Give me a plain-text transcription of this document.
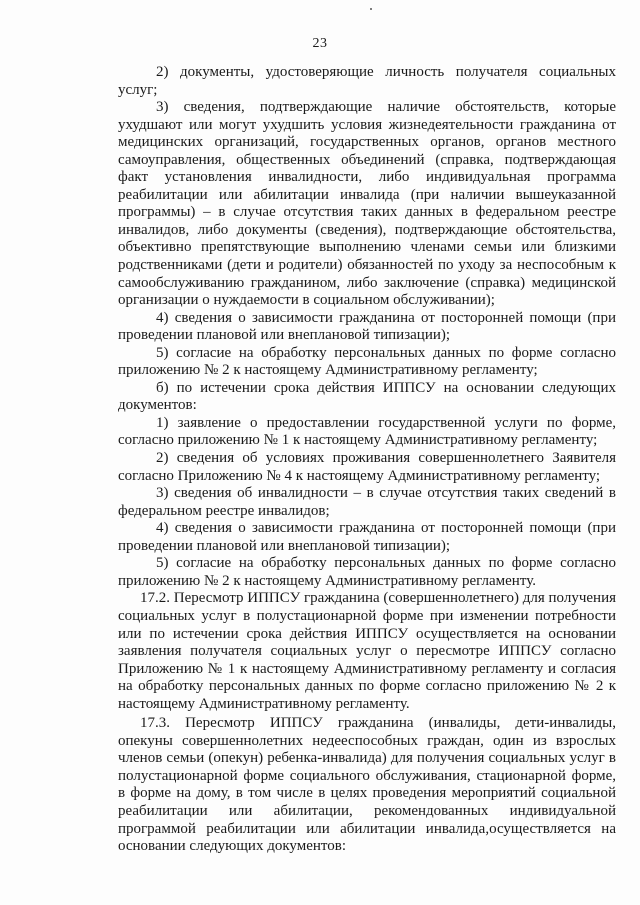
23

2) документы, удостоверяющие личность получателя социальных услуг;

3) сведения, подтверждающие наличие обстоятельств, которые ухудшают или могут ухудшить условия жизнедеятельности гражданина от медицинских организаций, государственных органов, органов местного самоуправления, общественных объединений (справка, подтверждающая факт установления инвалидности, либо индивидуальная программа реабилитации или абилитации инвалида (при наличии вышеуказанной программы) – в случае отсутствия таких данных в федеральном реестре инвалидов, либо документы (сведения), подтверждающие обстоятельства, объективно препятствующие выполнению членами семьи или близкими родственниками (дети и родители) обязанностей по уходу за неспособным к самообслуживанию гражданином, либо заключение (справка) медицинской организации о нуждаемости в социальном обслуживании);

4) сведения о зависимости гражданина от посторонней помощи (при проведении плановой или внеплановой типизации);

5) согласие на обработку персональных данных по форме согласно приложению № 2 к настоящему Административному регламенту;

б) по истечении срока действия ИППСУ на основании следующих документов:

1) заявление о предоставлении государственной услуги по форме, согласно приложению № 1 к настоящему Административному регламенту;

2) сведения об условиях проживания совершеннолетнего Заявителя согласно Приложению № 4 к настоящему Административному регламенту;

3) сведения об инвалидности – в случае отсутствия таких сведений в федеральном реестре инвалидов;

4) сведения о зависимости гражданина от посторонней помощи (при проведении плановой или внеплановой типизации);

5) согласие на обработку персональных данных по форме согласно приложению № 2 к настоящему Административному регламенту.

17.2. Пересмотр ИППСУ гражданина (совершеннолетнего) для получения социальных услуг в полустационарной форме при изменении потребности или по истечении срока действия ИППСУ осуществляется на основании заявления получателя социальных услуг о пересмотре ИППСУ согласно Приложению № 1 к настоящему Административному регламенту и согласия на обработку персональных данных по форме согласно приложению № 2 к настоящему Административному регламенту.

17.3. Пересмотр ИППСУ гражданина (инвалиды, дети-инвалиды, опекуны совершеннолетних недееспособных граждан, один из взрослых членов семьи (опекун) ребенка-инвалида) для получения социальных услуг в полустационарной форме социального обслуживания, стационарной форме, в форме на дому, в том числе в целях проведения мероприятий социальной реабилитации или абилитации, рекомендованных индивидуальной программой реабилитации или абилитации инвалида,осуществляется на основании следующих документов:
